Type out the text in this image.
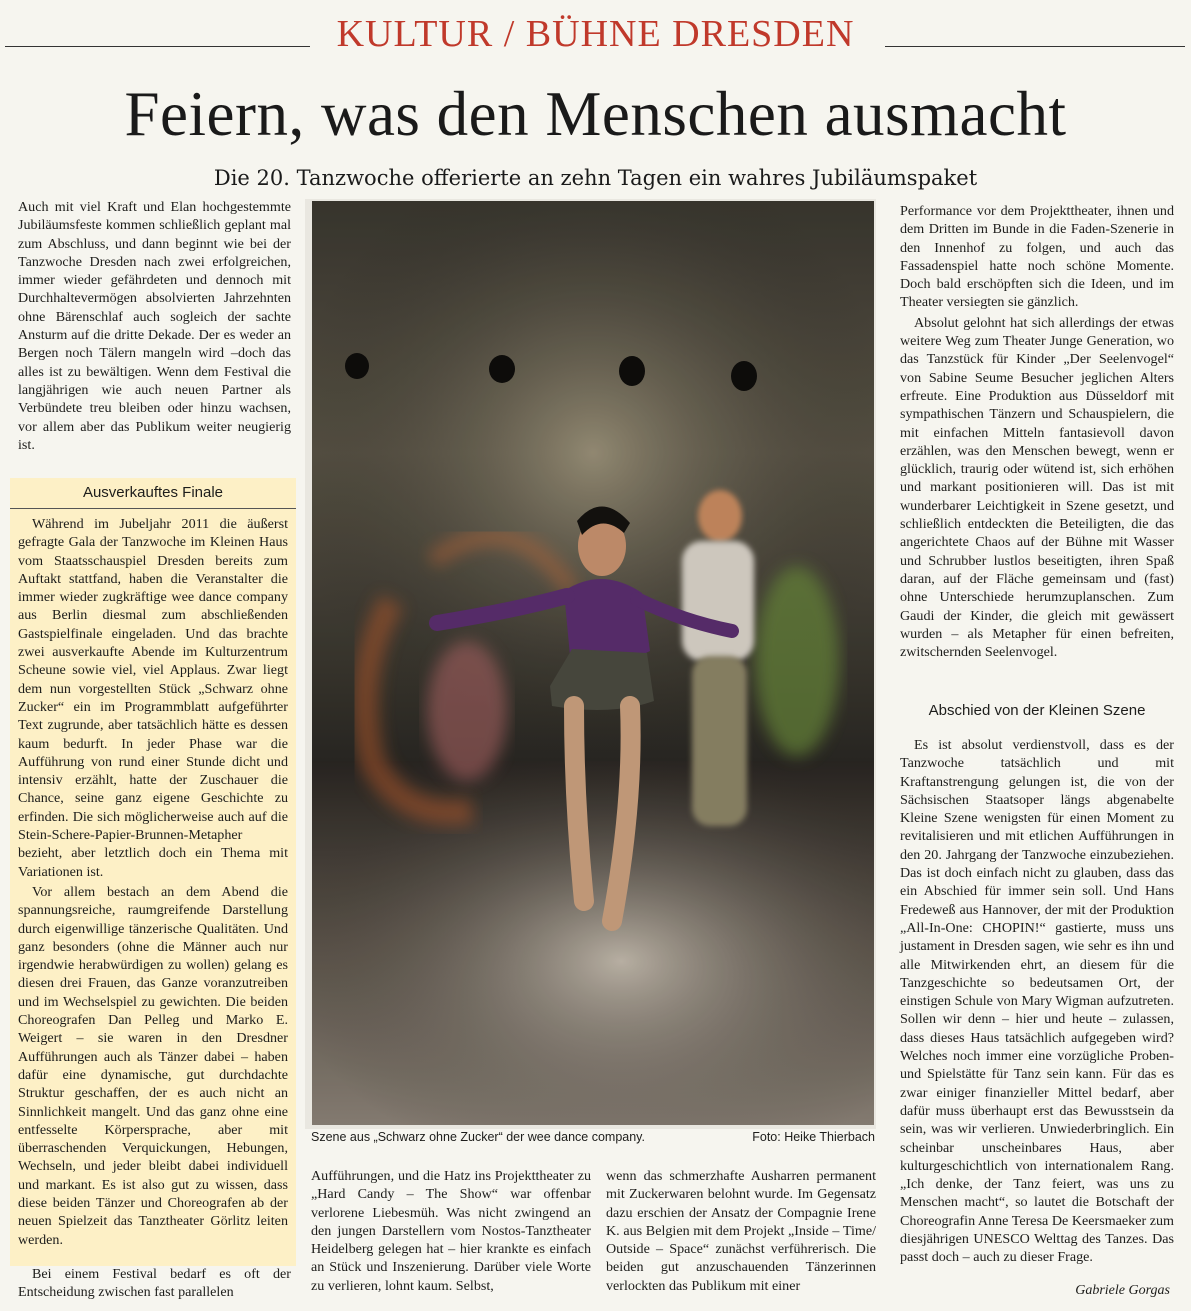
KULTUR / BÜHNE DRESDEN
Feiern, was den Menschen ausmacht
Die 20. Tanzwoche offerierte an zehn Tagen ein wahres Jubiläumspaket

Auch mit viel Kraft und Elan hochgestemmte Jubiläumsfeste kommen schließlich geplant mal zum Abschluss, und dann beginnt wie bei der Tanzwoche Dresden nach zwei erfolgreichen, immer wieder gefährdeten und dennoch mit Durchhaltevermögen absolvierten Jahrzehnten ohne Bärenschlaf auch sogleich der sachte Ansturm auf die dritte Dekade. Der es weder an Bergen noch Tälern mangeln wird –doch das alles ist zu bewältigen. Wenn dem Festival die langjährigen wie auch neuen Partner als Verbündete treu bleiben oder hinzu wachsen, vor allem aber das Publikum weiter neugierig ist.

Ausverkauftes Finale

Während im Jubeljahr 2011 die äußerst gefragte Gala der Tanzwoche im Kleinen Haus vom Staatsschauspiel Dresden bereits zum Auftakt stattfand, haben die Veranstalter die immer wieder zugkräftige wee dance company aus Berlin diesmal zum abschließenden Gastspielfinale eingeladen. Und das brachte zwei ausverkaufte Abende im Kulturzentrum Scheune sowie viel, viel Applaus. Zwar liegt dem nun vorgestellten Stück „Schwarz ohne Zucker“ ein im Programmblatt aufgeführter Text zugrunde, aber tatsächlich hätte es dessen kaum bedurft. In jeder Phase war die Aufführung von rund einer Stunde dicht und intensiv erzählt, hatte der Zuschauer die Chance, seine ganz eigene Geschichte zu erfinden. Die sich möglicherweise auch auf die Stein-Schere-Papier-Brunnen-Metapher bezieht, aber letztlich doch ein Thema mit Variationen ist.

Vor allem bestach an dem Abend die spannungsreiche, raumgreifende Darstellung durch eigenwillige tänzerische Qualitäten. Und ganz besonders (ohne die Männer auch nur irgendwie herabwürdigen zu wollen) gelang es diesen drei Frauen, das Ganze voranzutreiben und im Wechselspiel zu gewichten. Die beiden Choreografen Dan Pelleg und Marko E. Weigert – sie waren in den Dresdner Aufführungen auch als Tänzer dabei – haben dafür eine dynamische, gut durchdachte Struktur geschaffen, der es auch nicht an Sinnlichkeit mangelt. Und das ganz ohne eine entfesselte Körpersprache, aber mit überraschenden Verquickungen, Hebungen, Wechseln, und jeder bleibt dabei individuell und markant. Es ist also gut zu wissen, dass diese beiden Tänzer und Choreografen ab der neuen Spielzeit das Tanztheater Görlitz leiten werden.

Bei einem Festival bedarf es oft der Entscheidung zwischen fast parallelen

Szene aus „Schwarz ohne Zucker“ der wee dance company.	Foto: Heike Thierbach

Aufführungen, und die Hatz ins Projekttheater zu „Hard Candy – The Show“ war offenbar verlorene Liebesmüh. Was nicht zwingend an den jungen Darstellern vom Nostos-Tanztheater Heidelberg gelegen hat – hier krankte es einfach an Stück und Inszenierung. Darüber viele Worte zu verlieren, lohnt kaum. Selbst,

wenn das schmerzhafte Ausharren permanent mit Zuckerwaren belohnt wurde. Im Gegensatz dazu erschien der Ansatz der Compagnie Irene K. aus Belgien mit dem Projekt „Inside – Time/ Outside – Space“ zunächst verführerisch. Die beiden gut anzuschauenden Tänzerinnen verlockten das Publikum mit einer

Performance vor dem Projekttheater, ihnen und dem Dritten im Bunde in die Faden-Szenerie in den Innenhof zu folgen, und auch das Fassadenspiel hatte noch schöne Momente. Doch bald erschöpften sich die Ideen, und im Theater versiegten sie gänzlich.

Absolut gelohnt hat sich allerdings der etwas weitere Weg zum Theater Junge Generation, wo das Tanzstück für Kinder „Der Seelenvogel“ von Sabine Seume Besucher jeglichen Alters erfreute. Eine Produktion aus Düsseldorf mit sympathischen Tänzern und Schauspielern, die mit einfachen Mitteln fantasievoll davon erzählen, was den Menschen bewegt, wenn er glücklich, traurig oder wütend ist, sich erhöhen und markant positionieren will. Das ist mit wunderbarer Leichtigkeit in Szene gesetzt, und schließlich entdeckten die Beteiligten, die das angerichtete Chaos auf der Bühne mit Wasser und Schrubber lustlos beseitigten, ihren Spaß daran, auf der Fläche gemeinsam und (fast) ohne Unterschiede herumzuplanschen. Zum Gaudi der Kinder, die gleich mit gewässert wurden – als Metapher für einen befreiten, zwitschernden Seelenvogel.

Abschied von der Kleinen Szene

Es ist absolut verdienstvoll, dass es der Tanzwoche tatsächlich und mit Kraftanstrengung gelungen ist, die von der Sächsischen Staatsoper längs abgenabelte Kleine Szene wenigsten für einen Moment zu revitalisieren und mit etlichen Aufführungen in den 20. Jahrgang der Tanzwoche einzubeziehen. Das ist doch einfach nicht zu glauben, dass das ein Abschied für immer sein soll. Und Hans Fredeweß aus Hannover, der mit der Produktion „All-In-One: CHOPIN!“ gastierte, muss uns justament in Dresden sagen, wie sehr es ihn und alle Mitwirkenden ehrt, an diesem für die Tanzgeschichte so bedeutsamen Ort, der einstigen Schule von Mary Wigman aufzutreten. Sollen wir denn – hier und heute – zulassen, dass dieses Haus tatsächlich aufgegeben wird? Welches noch immer eine vorzügliche Proben- und Spielstätte für Tanz sein kann. Für das es zwar einiger finanzieller Mittel bedarf, aber dafür muss überhaupt erst das Bewusstsein da sein, was wir verlieren. Unwiederbringlich. Ein scheinbar unscheinbares Haus, aber kulturgeschichtlich von internationalem Rang. „Ich denke, der Tanz feiert, was uns zu Menschen macht“, so lautet die Botschaft der Choreografin Anne Teresa De Keersmaeker zum diesjährigen UNESCO Welttag des Tanzes. Das passt doch – auch zu dieser Frage.

Gabriele Gorgas
